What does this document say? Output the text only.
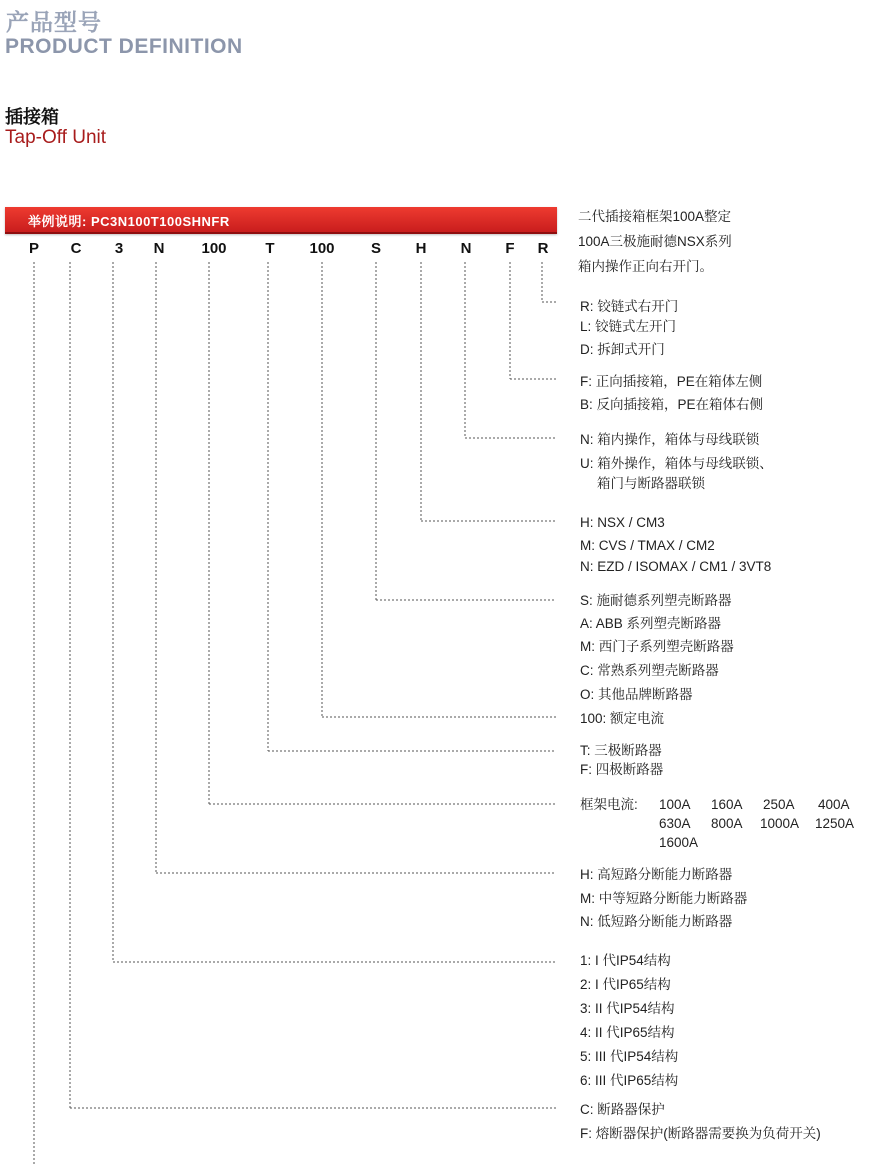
产品型号
PRODUCT DEFINITION
插接箱
Tap-Off Unit
举例说明: PC3N100T100SHNFR
P C 3 N 100	T 100 S H N F R
二代插接箱框架100A整定
100A三极施耐德NSX系列
箱内操作正向右开门。
R: 铰链式右开门
L: 铰链式左开门
D: 拆卸式开门
F: 正向插接箱，PE在箱体左侧
B: 反向插接箱，PE在箱体右侧
N: 箱内操作，箱体与母线联锁
U: 箱外操作，箱体与母线联锁、
箱门与断路器联锁
H: NSX / CM3
M: CVS / TMAX / CM2
N: EZD / ISOMAX / CM1 / 3VT8
S: 施耐德系列塑壳断路器
A: ABB 系列塑壳断路器
M: 西门子系列塑壳断路器
C: 常熟系列塑壳断路器
O: 其他品牌断路器
100: 额定电流
T: 三极断路器
F: 四极断路器
框架电流: 100A 160A 250A 400A
630A 800A 1000A 1250A
1600A
H: 高短路分断能力断路器
M: 中等短路分断能力断路器
N: 低短路分断能力断路器
1: I 代IP54结构
2: I 代IP65结构
3: II 代IP54结构
4: II 代IP65结构
5: III 代IP54结构
6: III 代IP65结构
C: 断路器保护
F: 熔断器保护(断路器需要换为负荷开关)
